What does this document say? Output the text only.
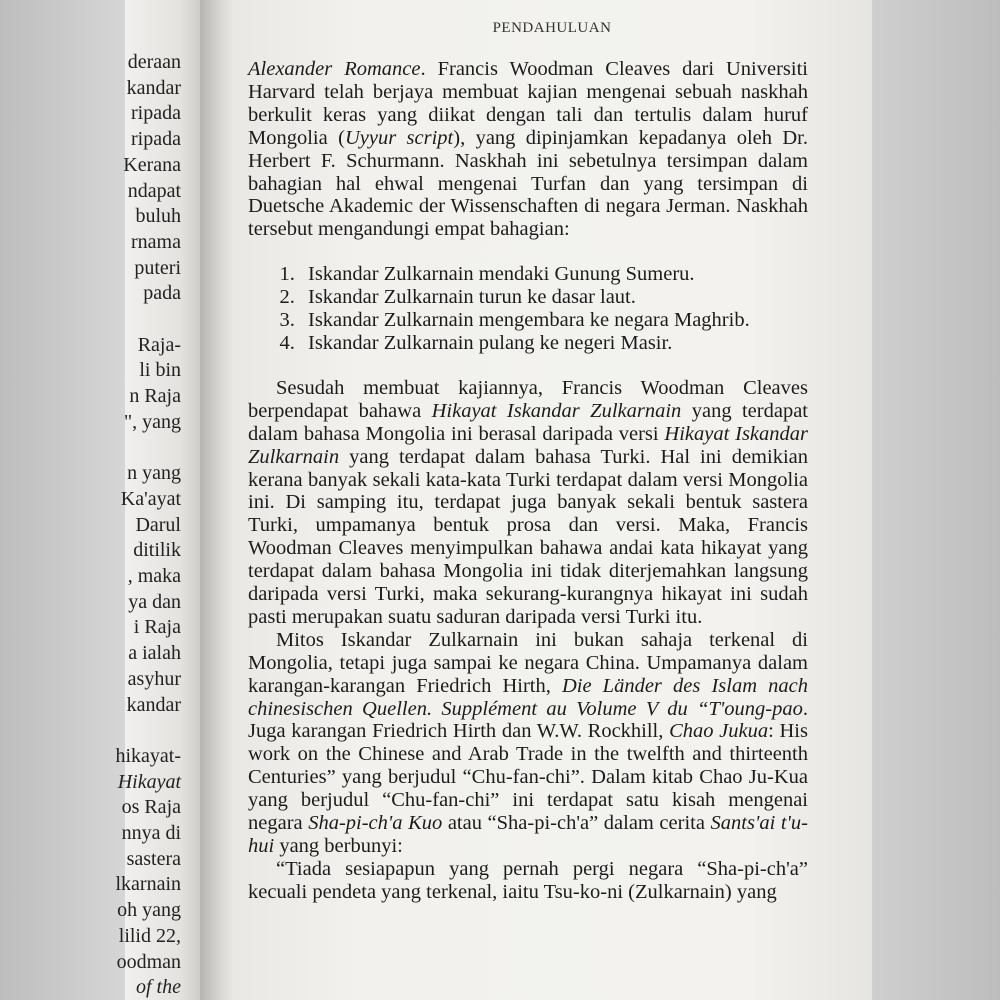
deraan
kandar
ripada
ripada
Kerana
ndapat
buluh
rnama
puteri
pada
Raja-
li bin
n Raja
", yang
n yang
Ka'ayat
Darul
ditilik
, maka
ya dan
i Raja
a ialah
asyhur
kandar
hikayat-
Hikayat
os Raja
nnya di
sastera
lkarnain
oh yang
lilid 22,
oodman
of the
PENDAHULUAN

Alexander Romance. Francis Woodman Cleaves dari Universiti Harvard telah berjaya membuat kajian mengenai sebuah naskhah berkulit keras yang diikat dengan tali dan tertulis dalam huruf Mongolia (Uyyur script), yang dipinjamkan kepadanya oleh Dr. Herbert F. Schurmann. Naskhah ini sebetulnya tersimpan dalam bahagian hal ehwal mengenai Turfan dan yang tersimpan di Duetsche Akademic der Wissenschaften di negara Jerman. Naskhah tersebut mengandungi empat bahagian:

1. Iskandar Zulkarnain mendaki Gunung Sumeru.
2. Iskandar Zulkarnain turun ke dasar laut.
3. Iskandar Zulkarnain mengembara ke negara Maghrib.
4. Iskandar Zulkarnain pulang ke negeri Masir.

Sesudah membuat kajiannya, Francis Woodman Cleaves berpendapat bahawa Hikayat Iskandar Zulkarnain yang terdapat dalam bahasa Mongolia ini berasal daripada versi Hikayat Iskandar Zulkarnain yang terdapat dalam bahasa Turki. Hal ini demikian kerana banyak sekali kata-kata Turki terdapat dalam versi Mongolia ini. Di samping itu, terdapat juga banyak sekali bentuk sastera Turki, umpamanya bentuk prosa dan versi. Maka, Francis Woodman Cleaves menyimpulkan bahawa andai kata hikayat yang terdapat dalam bahasa Mongolia ini tidak diterjemahkan langsung daripada versi Turki, maka sekurang-kurangnya hikayat ini sudah pasti merupakan suatu saduran daripada versi Turki itu.

Mitos Iskandar Zulkarnain ini bukan sahaja terkenal di Mongolia, tetapi juga sampai ke negara China. Umpamanya dalam karangan-karangan Friedrich Hirth, Die Länder des Islam nach chinesischen Quellen. Supplément au Volume V du “T'oung-pao. Juga karangan Friedrich Hirth dan W.W. Rockhill, Chao Jukua: His work on the Chinese and Arab Trade in the twelfth and thirteenth Centuries” yang berjudul “Chu-fan-chi”. Dalam kitab Chao Ju-Kua yang berjudul “Chu-fan-chi” ini terdapat satu kisah mengenai negara Sha-pi-ch'a Kuo atau “Sha-pi-ch'a” dalam cerita Sants'ai t'u-hui yang berbunyi:

“Tiada sesiapapun yang pernah pergi negara “Sha-pi-ch'a” kecuali pendeta yang terkenal, iaitu Tsu-ko-ni (Zulkarnain) yang
